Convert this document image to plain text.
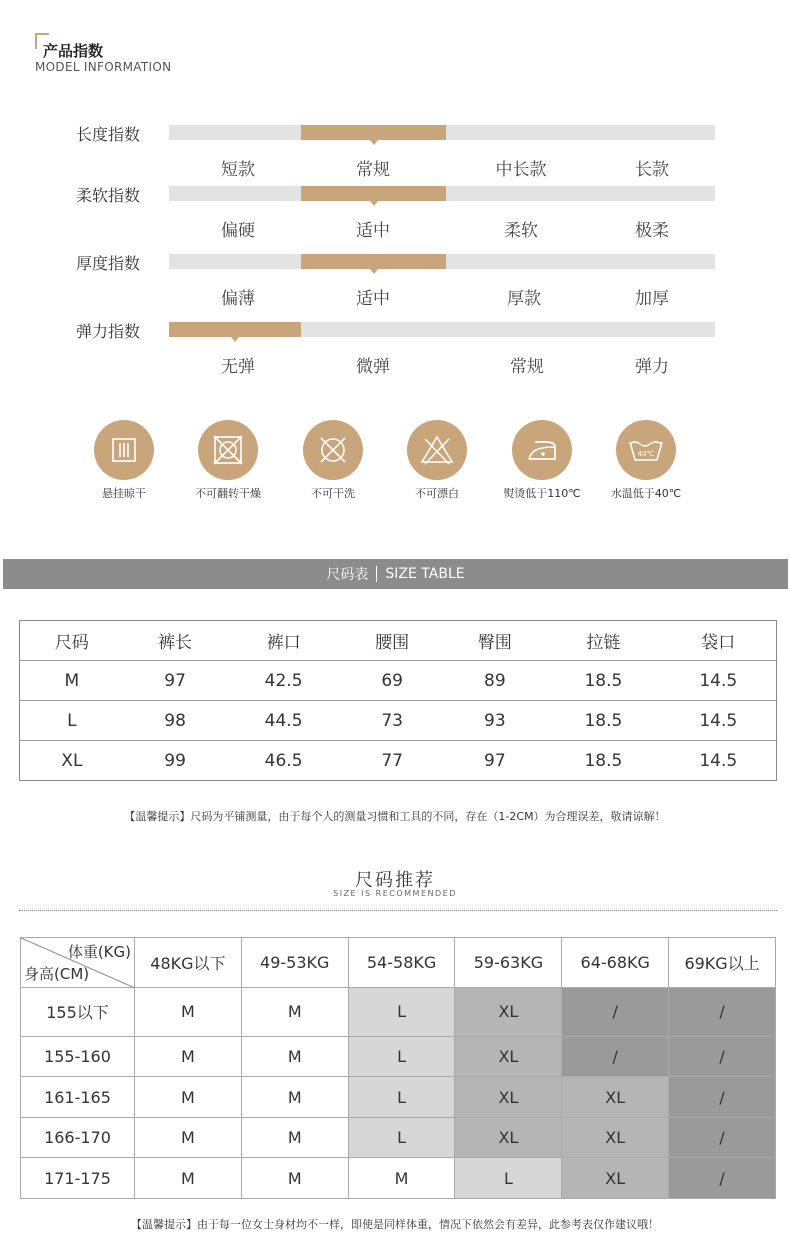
产品指数
MODEL INFORMATION
长度指数
短款	常规	中长款	长款
柔软指数
偏硬	适中	柔软	极柔
厚度指数
偏薄	适中	厚款	加厚
弹力指数
无弹	微弹	常规	弹力
悬挂晾干	不可翻转干燥	不可干洗	不可漂白	熨烫低于110℃
40℃
水温低于40℃
尺码表 SIZE TABLE
尺码	裤长	裤口	腰围	臀围	拉链	袋口
M	97	42.5	69	89	18.5	14.5
L	98	44.5	73	93	18.5	14.5
XL	99	46.5	77	97	18.5	14.5
【温馨提示】尺码为平铺测量，由于每个人的测量习惯和工具的不同，存在（1-2CM）为合理误差，敬请谅解！
尺码推荐
SIZE IS RECOMMENDED
体重(KG)
身高(CM)	48KG以下	49-53KG	54-58KG	59-63KG	64-68KG	69KG以上
155以下	M	M	L	XL	/	/
155-160	M	M	L	XL	/	/
161-165	M	M	L	XL	XL	/
166-170	M	M	L	XL	XL	/
171-175	M	M	M	L	XL	/
【温馨提示】由于每一位女士身材均不一样，即使是同样体重，情况下依然会有差异，此参考表仅作建议哦！
